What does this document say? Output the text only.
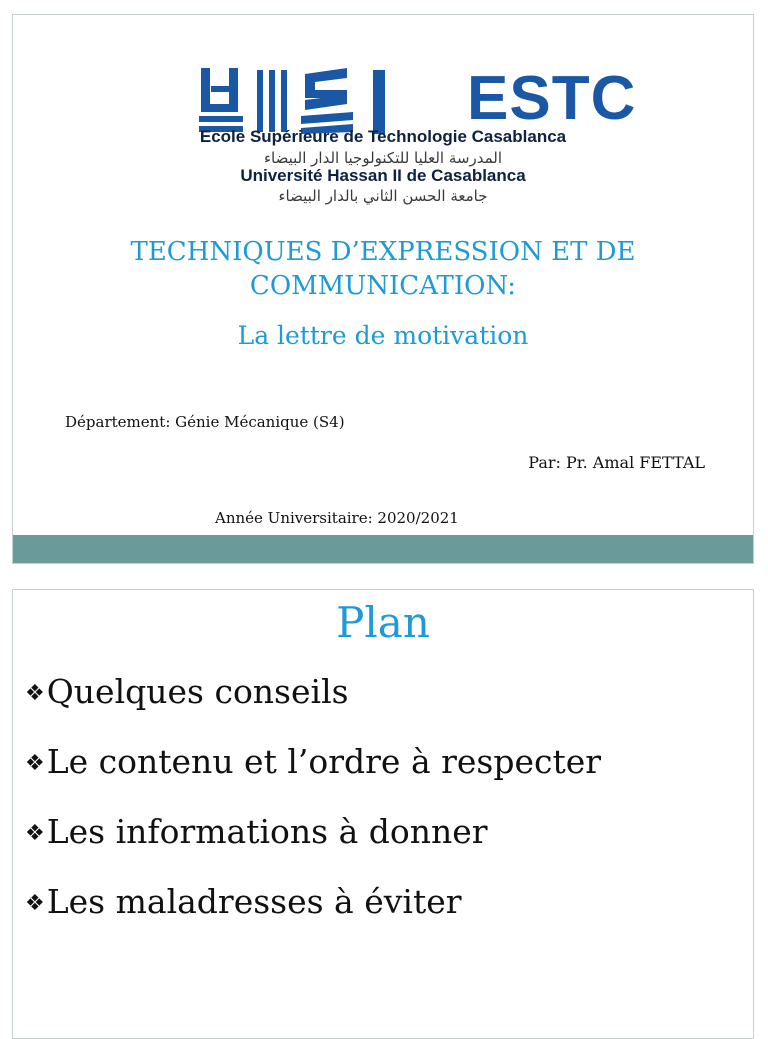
ESTC

Ecole Supérieure de Technologie Casablanca

المدرسة العليا للتكنولوجيا الدار البيضاء

Université Hassan II de Casablanca

جامعة الحسن الثاني بالدار البيضاء

TECHNIQUES D’EXPRESSION ET DE
COMMUNICATION:

La lettre de motivation

Département: Génie Mécanique (S4)

Par: Pr. Amal FETTAL

Année Universitaire: 2020/2021

Plan
❖ Quelques conseils
❖ Le contenu et l’ordre à respecter
❖ Les informations à donner
❖ Les maladresses à éviter
